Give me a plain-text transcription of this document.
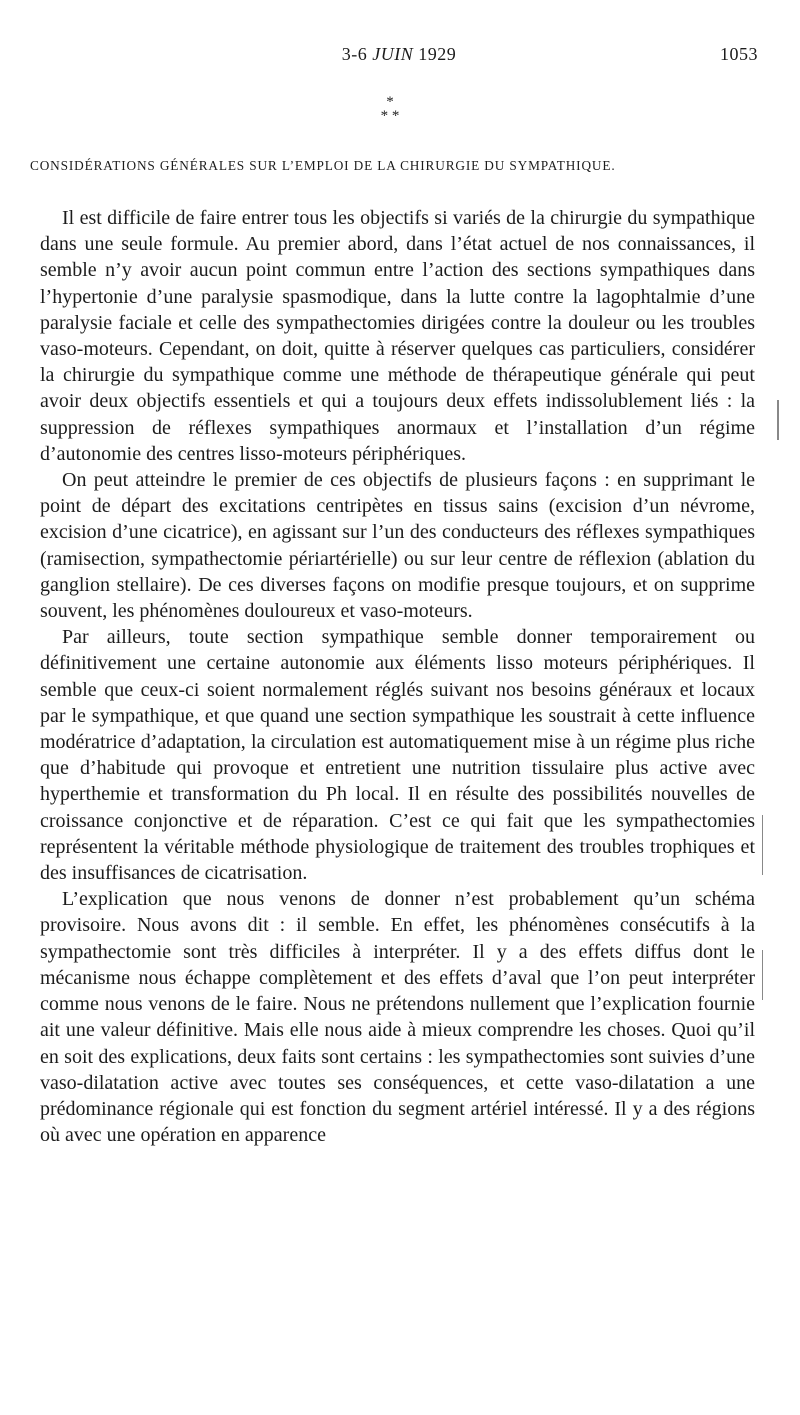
3-6 JUIN 1929	1053
*
* *
CONSIDÉRATIONS GÉNÉRALES SUR L’EMPLOI DE LA CHIRURGIE DU SYMPATHIQUE.

Il est difficile de faire entrer tous les objectifs si variés de la chirurgie du sympathique dans une seule formule. Au premier abord, dans l’état actuel de nos connaissances, il semble n’y avoir aucun point commun entre l’action des sections sympathiques dans l’hypertonie d’une paralysie spasmodique, dans la lutte contre la lagophtalmie d’une paralysie faciale et celle des sympathectomies dirigées contre la douleur ou les troubles vaso-moteurs. Cependant, on doit, quitte à réserver quelques cas particuliers, considérer la chirurgie du sympathique comme une méthode de thérapeutique générale qui peut avoir deux objectifs essentiels et qui a toujours deux effets indissolublement liés : la suppression de réflexes sympathiques anormaux et l’installation d’un régime d’autonomie des centres lisso-moteurs périphériques.

On peut atteindre le premier de ces objectifs de plusieurs façons : en supprimant le point de départ des excitations centripètes en tissus sains (excision d’un névrome, excision d’une cicatrice), en agissant sur l’un des conducteurs des réflexes sympathiques (ramisection, sympathectomie périartérielle) ou sur leur centre de réflexion (ablation du ganglion stellaire). De ces diverses façons on modifie presque toujours, et on supprime souvent, les phénomènes douloureux et vaso-moteurs.

Par ailleurs, toute section sympathique semble donner temporairement ou définitivement une certaine autonomie aux éléments lisso moteurs périphériques. Il semble que ceux-ci soient normalement réglés suivant nos besoins généraux et locaux par le sympathique, et que quand une section sympathique les soustrait à cette influence modératrice d’adaptation, la circulation est automatiquement mise à un régime plus riche que d’habitude qui provoque et entretient une nutrition tissulaire plus active avec hyperthemie et transformation du Ph local. Il en résulte des possibilités nouvelles de croissance conjonctive et de réparation. C’est ce qui fait que les sympathectomies représentent la véritable méthode physiologique de traitement des troubles trophiques et des insuffisances de cicatrisation.

L’explication que nous venons de donner n’est probablement qu’un schéma provisoire. Nous avons dit : il semble. En effet, les phénomènes consécutifs à la sympathectomie sont très difficiles à interpréter. Il y a des effets diffus dont le mécanisme nous échappe complètement et des effets d’aval que l’on peut interpréter comme nous venons de le faire. Nous ne prétendons nullement que l’explication fournie ait une valeur définitive. Mais elle nous aide à mieux comprendre les choses. Quoi qu’il en soit des explications, deux faits sont certains : les sympathectomies sont suivies d’une vaso-dilatation active avec toutes ses conséquences, et cette vaso-dilatation a une prédominance régionale qui est fonction du segment artériel intéressé. Il y a des régions où avec une opération en apparence
